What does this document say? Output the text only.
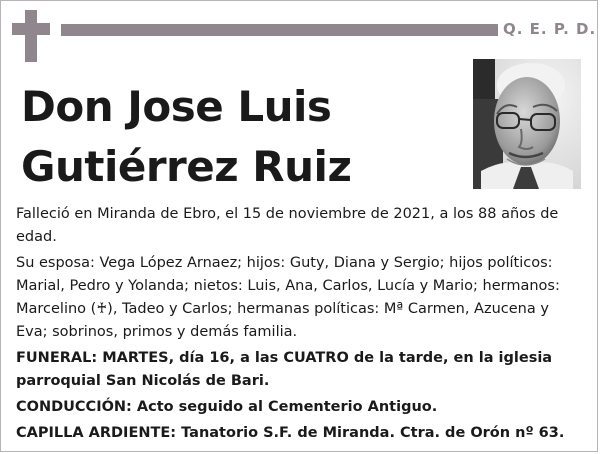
Q. E. P. D.
Don Jose Luis
Gutiérrez Ruiz

Falleció en Miranda de Ebro, el 15 de noviembre de 2021, a los 88 años de edad.

Su esposa: Vega López Arnaez; hijos: Guty, Diana y Sergio; hijos políticos: Marial, Pedro y Yolanda; nietos: Luis, Ana, Carlos, Lucía y Mario; hermanos: Marcelino (♰), Tadeo y Carlos; hermanas políticas: Mª Carmen, Azucena y Eva; sobrinos, primos y demás familia.

FUNERAL: MARTES, día 16, a las CUATRO de la tarde, en la iglesia parroquial San Nicolás de Bari.

CONDUCCIÓN: Acto seguido al Cementerio Antiguo.

CAPILLA ARDIENTE: Tanatorio S.F. de Miranda. Ctra. de Orón nº 63.
